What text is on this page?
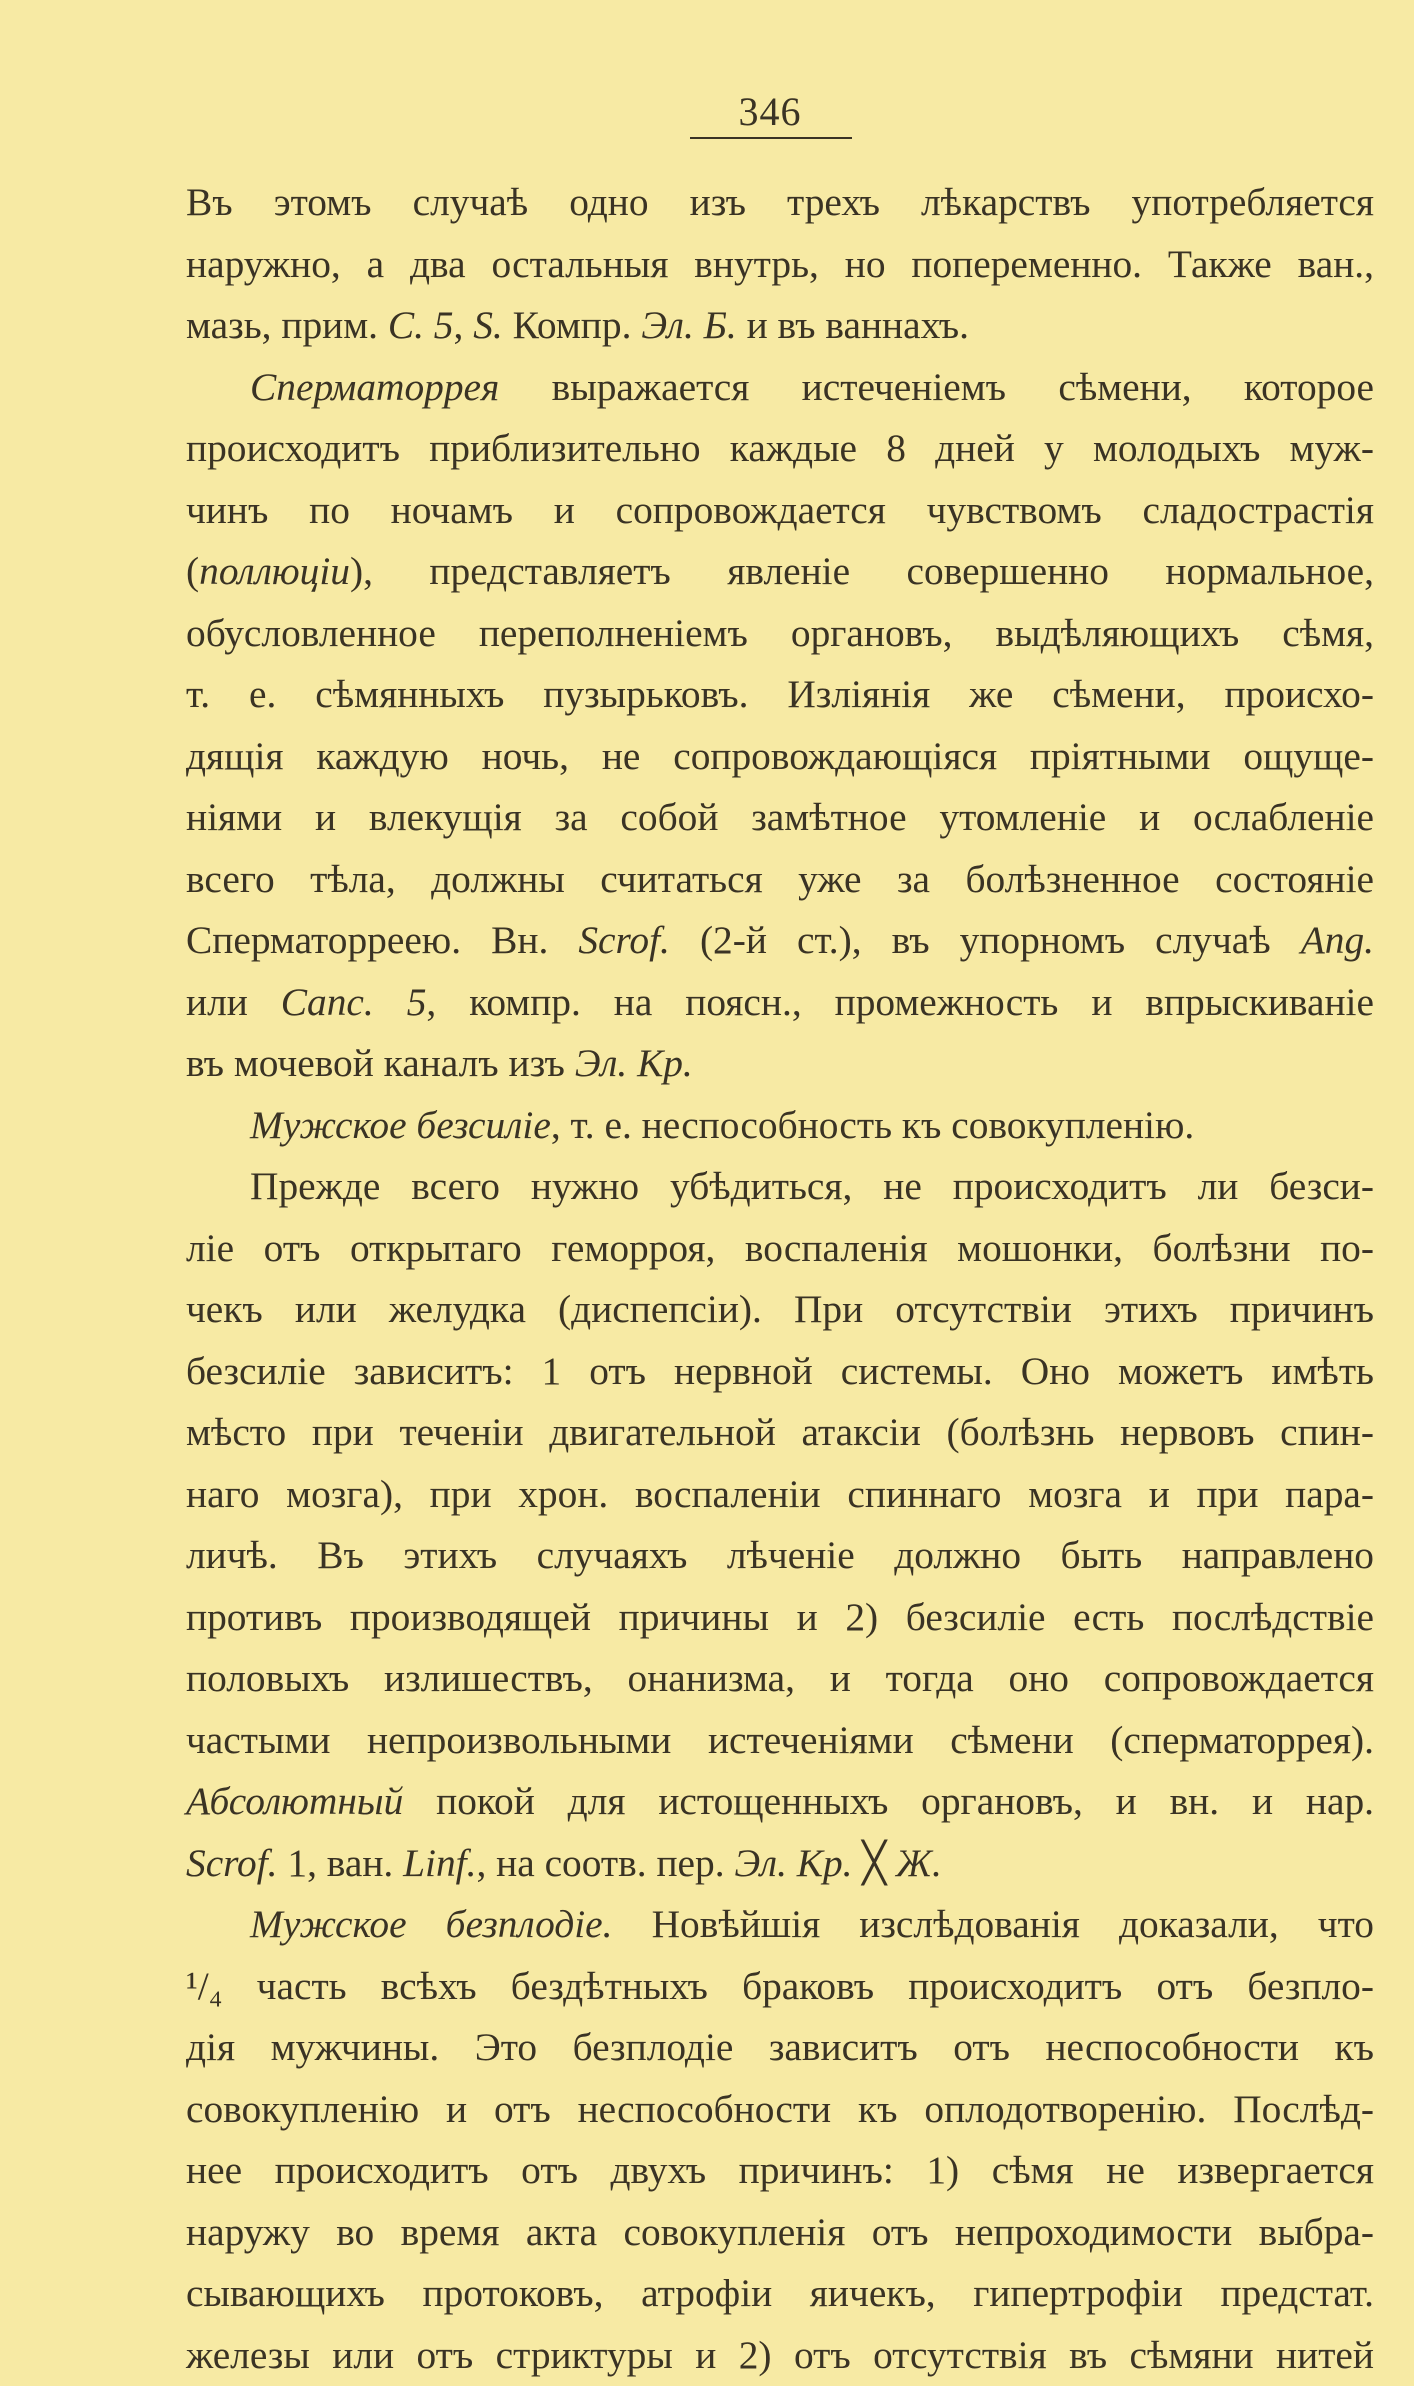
346
Въ этомъ случаѣ одно изъ трехъ лѣкарствъ употребляется
наружно, а два остальныя внутрь, но попеременно. Также ван.,
мазь, прим. С. 5, S. Компр. Эл. Б. и въ ваннахъ.
Сперматоррея выражается истеченіемъ сѣмени, которое
происходитъ приблизительно каждые 8 дней у молодыхъ муж-
чинъ по ночамъ и сопровождается чувствомъ сладострастія
(поллюціи), представляетъ явленіе совершенно нормальное,
обусловленное переполненіемъ органовъ, выдѣляющихъ сѣмя,
т. е. сѣмянныхъ пузырьковъ. Изліянія же сѣмени, происхо-
дящія каждую ночь, не сопровождающіяся пріятными ощуще-
ніями и влекущія за собой замѣтное утомленіе и ослабленіе
всего тѣла, должны считаться уже за болѣзненное состояніе
Сперматорреею. Вн. Scrof. (2-й ст.), въ упорномъ случаѣ Ang.
или Canc. 5, компр. на поясн., промежность и впрыскиваніе
въ мочевой каналъ изъ Эл. Кр.
Мужское безсиліе, т. е. неспособность къ совокупленію.
Прежде всего нужно убѣдиться, не происходитъ ли безси-
ліе отъ открытаго геморроя, воспаленія мошонки, болѣзни по-
чекъ или желудка (диспепсіи). При отсутствіи этихъ причинъ
безсиліе зависитъ: 1 отъ нервной системы. Оно можетъ имѣть
мѣсто при теченіи двигательной атаксіи (болѣзнь нервовъ спин-
наго мозга), при хрон. воспаленіи спиннаго мозга и при пара-
личѣ. Въ этихъ случаяхъ лѣченіе должно быть направлено
противъ производящей причины и 2) безсиліе есть послѣдствіе
половыхъ излишествъ, онанизма, и тогда оно сопровождается
частыми непроизвольными истеченіями сѣмени (сперматоррея).
Абсолютный покой для истощенныхъ органовъ, и вн. и нар.
Scrof. 1, ван. Linf., на соотв. пер. Эл. Кр. ╳ Ж.
Мужское безплодіе. Новѣйшія изслѣдованія доказали, что
¹/₄ часть всѣхъ бездѣтныхъ браковъ происходитъ отъ безпло-
дія мужчины. Это безплодіе зависитъ отъ неспособности къ
совокупленію и отъ неспособности къ оплодотворенію. Послѣд-
нее происходитъ отъ двухъ причинъ: 1) сѣмя не извергается
наружу во время акта совокупленія отъ непроходимости выбра-
сывающихъ протоковъ, атрофіи яичекъ, гипертрофіи предстат.
железы или отъ стриктуры и 2) отъ отсутствія въ сѣмяни нитей
